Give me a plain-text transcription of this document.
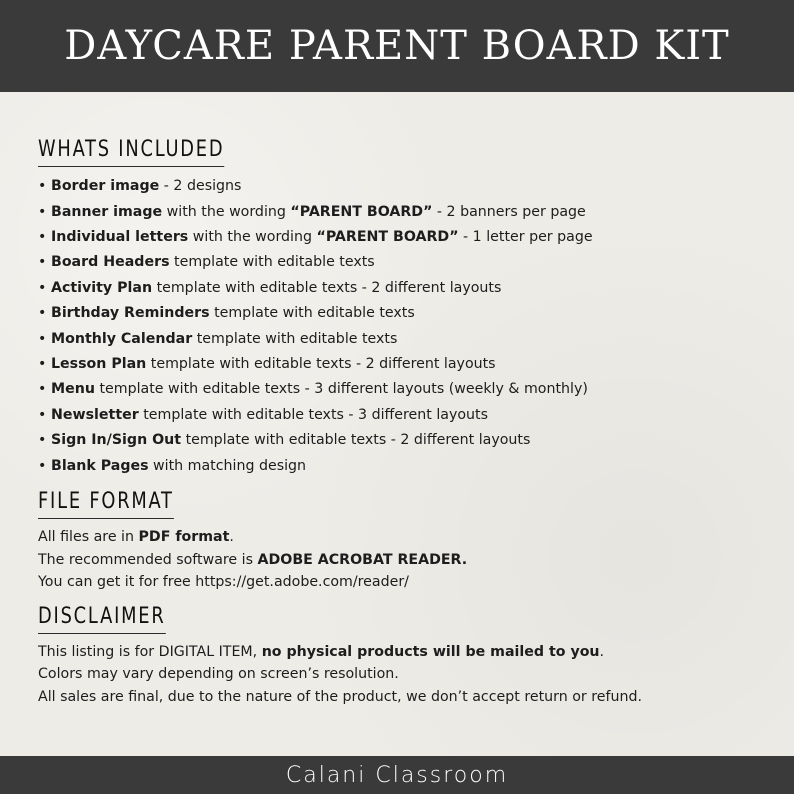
DAYCARE PARENT BOARD KIT
WHATS INCLUDED
• Border image - 2 designs
• Banner image with the wording “PARENT BOARD” - 2 banners per page
• Individual letters with the wording “PARENT BOARD” - 1 letter per page
• Board Headers template with editable texts
• Activity Plan template with editable texts - 2 different layouts
• Birthday Reminders template with editable texts
• Monthly Calendar template with editable texts
• Lesson Plan template with editable texts - 2 different layouts
• Menu template with editable texts - 3 different layouts (weekly & monthly)
• Newsletter template with editable texts - 3 different layouts
• Sign In/Sign Out template with editable texts - 2 different layouts
• Blank Pages with matching design
FILE FORMAT

All files are in PDF format.

The recommended software is ADOBE ACROBAT READER.

You can get it for free https://get.adobe.com/reader/

DISCLAIMER

This listing is for DIGITAL ITEM, no physical products will be mailed to you.

Colors may vary depending on screen’s resolution.

All sales are final, due to the nature of the product, we don’t accept return or refund.

Calani Classroom
